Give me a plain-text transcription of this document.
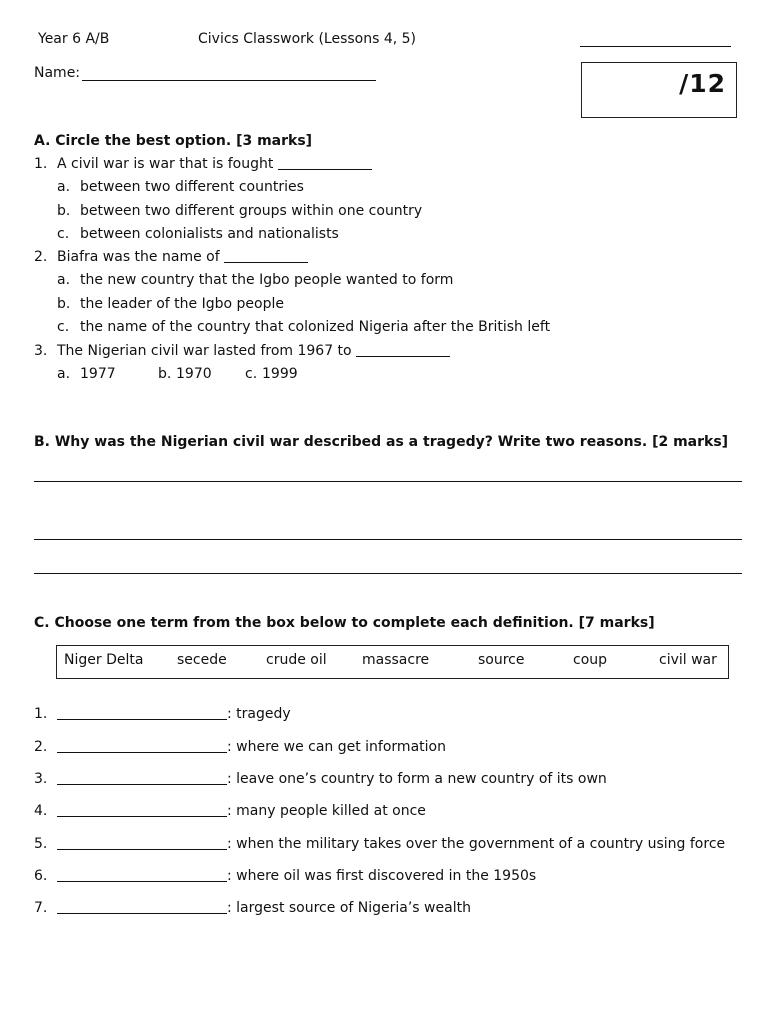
Year 6 A/B	Civics Classwork (Lessons 4, 5)
Name:	/12
A. Circle the best option. [3 marks]
1. A civil war is war that is fought
a. between two different countries
b. between two different groups within one country
c. between colonialists and nationalists
2. Biafra was the name of
a. the new country that the Igbo people wanted to form
b. the leader of the Igbo people
c. the name of the country that colonized Nigeria after the British left
3. The Nigerian civil war lasted from 1967 to
a. 1977	b. 1970 c. 1999
B. Why was the Nigerian civil war described as a tragedy? Write two reasons. [2 marks]
C. Choose one term from the box below to complete each definition. [7 marks]
Niger Delta secede	crude oil	massacre	source	coup	civil war
1.	: tragedy
2.	: where we can get information
3.	: leave one’s country to form a new country of its own
4.	: many people killed at once
5.	: when the military takes over the government of a country using force
6.	: where oil was first discovered in the 1950s
7.	: largest source of Nigeria’s wealth
